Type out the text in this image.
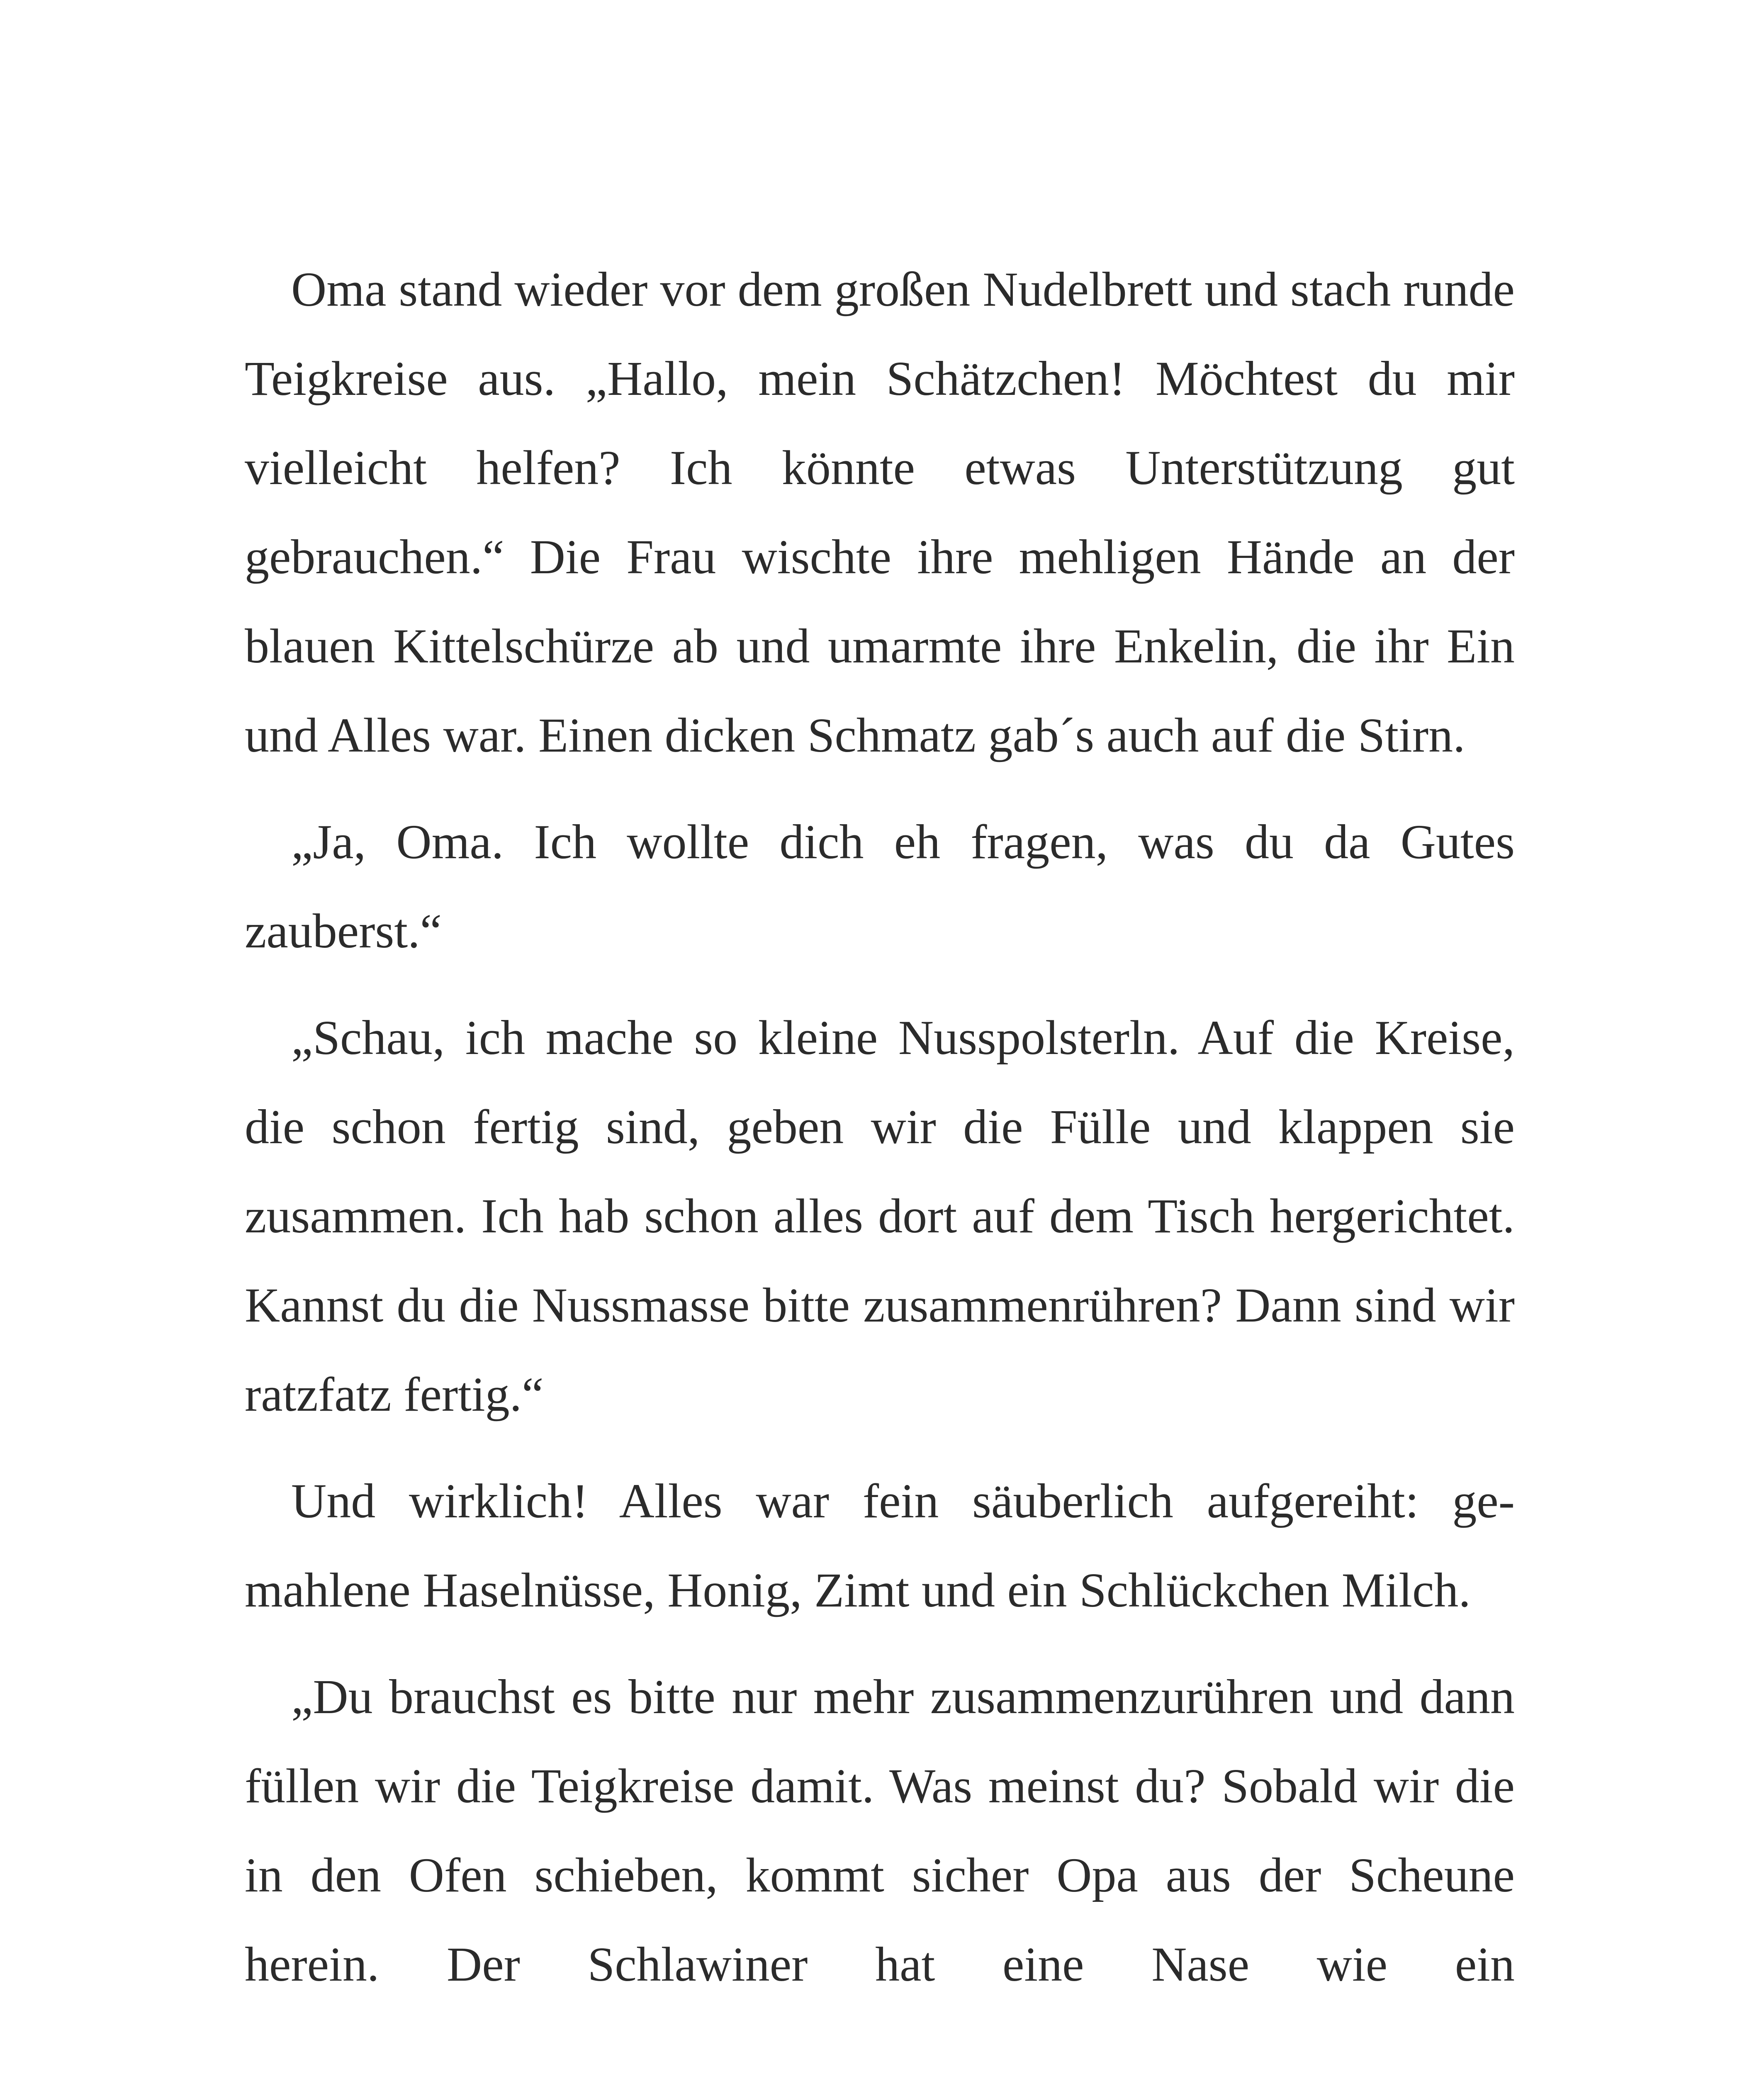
Oma stand wieder vor dem großen Nudelbrett und stach runde Teigkreise aus. „Hallo, mein Schätzchen! Möchtest du mir vielleicht helfen? Ich könnte etwas Unterstützung gut gebrauchen.“ Die Frau wischte ihre mehligen Hände an der blauen Kittelschürze ab und umarmte ihre Enkelin, die ihr Ein und Alles war. Einen dicken Schmatz gab´s auch auf die Stirn.

„Ja, Oma. Ich wollte dich eh fragen, was du da Gutes zauberst.“

„Schau, ich mache so kleine Nusspolsterln. Auf die Kreise, die schon fertig sind, geben wir die Fülle und klappen sie zusammen. Ich hab schon alles dort auf dem Tisch hergerichtet. Kannst du die Nussmasse bitte zusammenrühren? Dann sind wir ratzfatz fertig.“

Und wirklich! Alles war fein säuberlich aufgereiht: gemahlene Haselnüsse, Honig, Zimt und ein Schlückchen Milch.

„Du brauchst es bitte nur mehr zusammenzurühren und dann füllen wir die Teigkreise damit. Was meinst du? Sobald wir die in den Ofen schieben, kommt sicher Opa aus der Scheune herein. Der Schlawiner hat eine Nase wie ein
